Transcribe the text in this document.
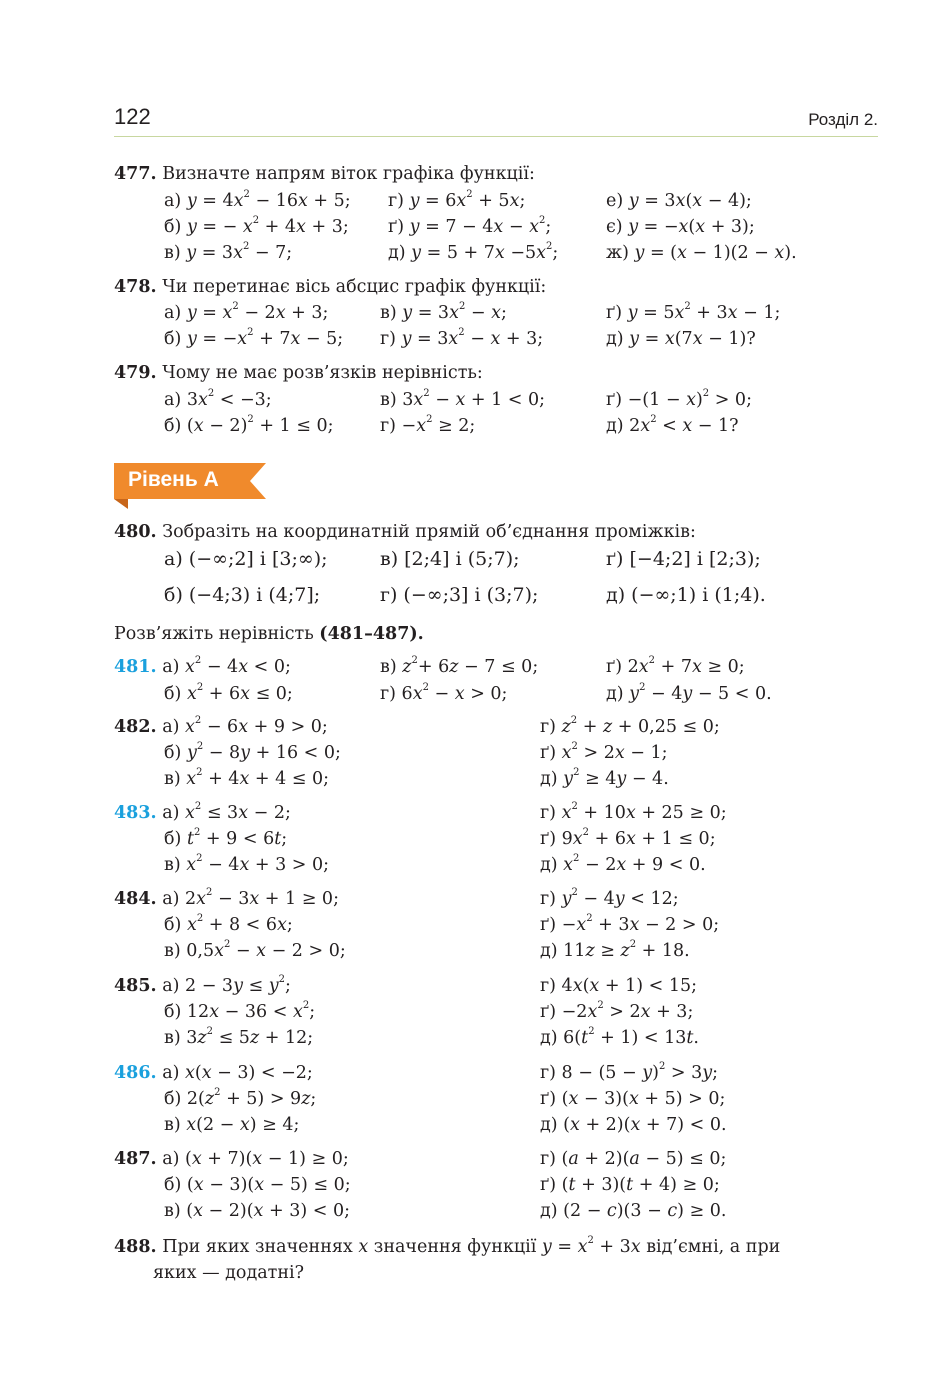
122	Розділ 2.
477. Визначте напрям віток графіка функції:
а) $y = 4x^2 - 16x + 5$; г) $y = 6x^2 + 5x$;	е) y = 3x(x − 4);
б) y = − $x^2 + 4x + 3$; ґ) $y = 7 - 4x - x^2$;	є) y = −x(x + 3);
в) $y = 3x^2 - 7$;	д) $y = 5 + 7x -5x^2$;	ж) y = (x − 1)(2 − x).
478. Чи перетинає вісь абсцис графік функції:
а) $y = x^2 - 2x + 3$;	в) $y = 3x^2 - x$;	ґ) $y = 5x^2 + 3x - 1$;
б) $y = -x^2 + 7x - 5$; г) $y = 3x^2 - x + 3$;	д) y = x(7x − 1)?
479. Чому не має розв’язків нерівність:
а) $3x^2 < -3$;	в) $3x^2 - x + 1 < 0$;	$ґ) -(1 - x)^2 > 0$;
б) $(x - 2)^2 + 1 \le 0$;	$г) -x^2 \ge 2$;	д) $2x^2 < x - 1$?
Рівень А
480. Зобразіть на координатній прямій об’єднання проміжків:
а) (−∞;2] і [3;∞);	в) [2;4] і (5;7);	ґ) [−4;2] і [2;3);
б) (−4;3) і (4;7];	г) (−∞;3] і (3;7);	д) (−∞;1) і (1;4).
Розв’яжіть нерівність (481–487).
481. а) $x^2 - 4x < 0$;	в) $z^2+ 6z - 7 \le 0$;	ґ) $2x^2 + 7x \ge 0$;
б) $x^2 + 6x \le 0$;	г) $6x^2 - x > 0$;	д) $y^2 - 4y - 5 < 0$.
482. а) $x^2 - 6x + 9 > 0$;	г) $z^2 + z + 0,25 \le 0$;
б) $y^2 - 8y + 16 < 0$;	ґ) $x^2 > 2x - 1$;
в) $x^2 + 4x + 4 \le 0$;	д) $y^2 \ge 4y - 4$.
483. а) $x^2 \le 3x - 2$;	г) $x^2 + 10x + 25 \ge 0$;
б) $t^2 + 9 < 6t$;	ґ) $9x^2 + 6x + 1 \le 0$;
в) $x^2 - 4x + 3 > 0$;	д) $x^2 - 2x + 9 < 0$.
484. а) $2x^2 - 3x + 1 \ge 0$;	г) $y^2 - 4y < 12$;
б) $x^2 + 8 < 6x$;	$ґ) -x^2 + 3x - 2 > 0$;
в) $0,5x^2 - x - 2 > 0$;	д) $11z \ge z^2 + 18$.
485. а) $2 - 3y \le y^2$;	г) 4x(x + 1) < 15;
б) $12x - 36 < x^2$;	$ґ) -2x^2 > 2x + 3$;
в) $3z^2 \le 5z + 12$;	д) $6(t^2 + 1) < 13t$.
486. а) x(x − 3) < −2;	г) $8 - (5 - y)^2 > 3y$;
б) $2(z^2 + 5) > 9z$;	ґ) (x − 3)(x + 5) > 0;
в) x(2 − x) ≥ 4;	д) (x + 2)(x + 7) < 0.
487. а) (x + 7)(x − 1) ≥ 0;	г) (a + 2)(a − 5) ≤ 0;
б) (x − 3)(x − 5) ≤ 0;	ґ) (t + 3)(t + 4) ≥ 0;
в) (x − 2)(x + 3) < 0;	д) (2 − c)(3 − c) ≥ 0.
488. При яких значеннях x значення функції $y = x^2 + 3x$ від’ємні, а при
яких — додатні?
